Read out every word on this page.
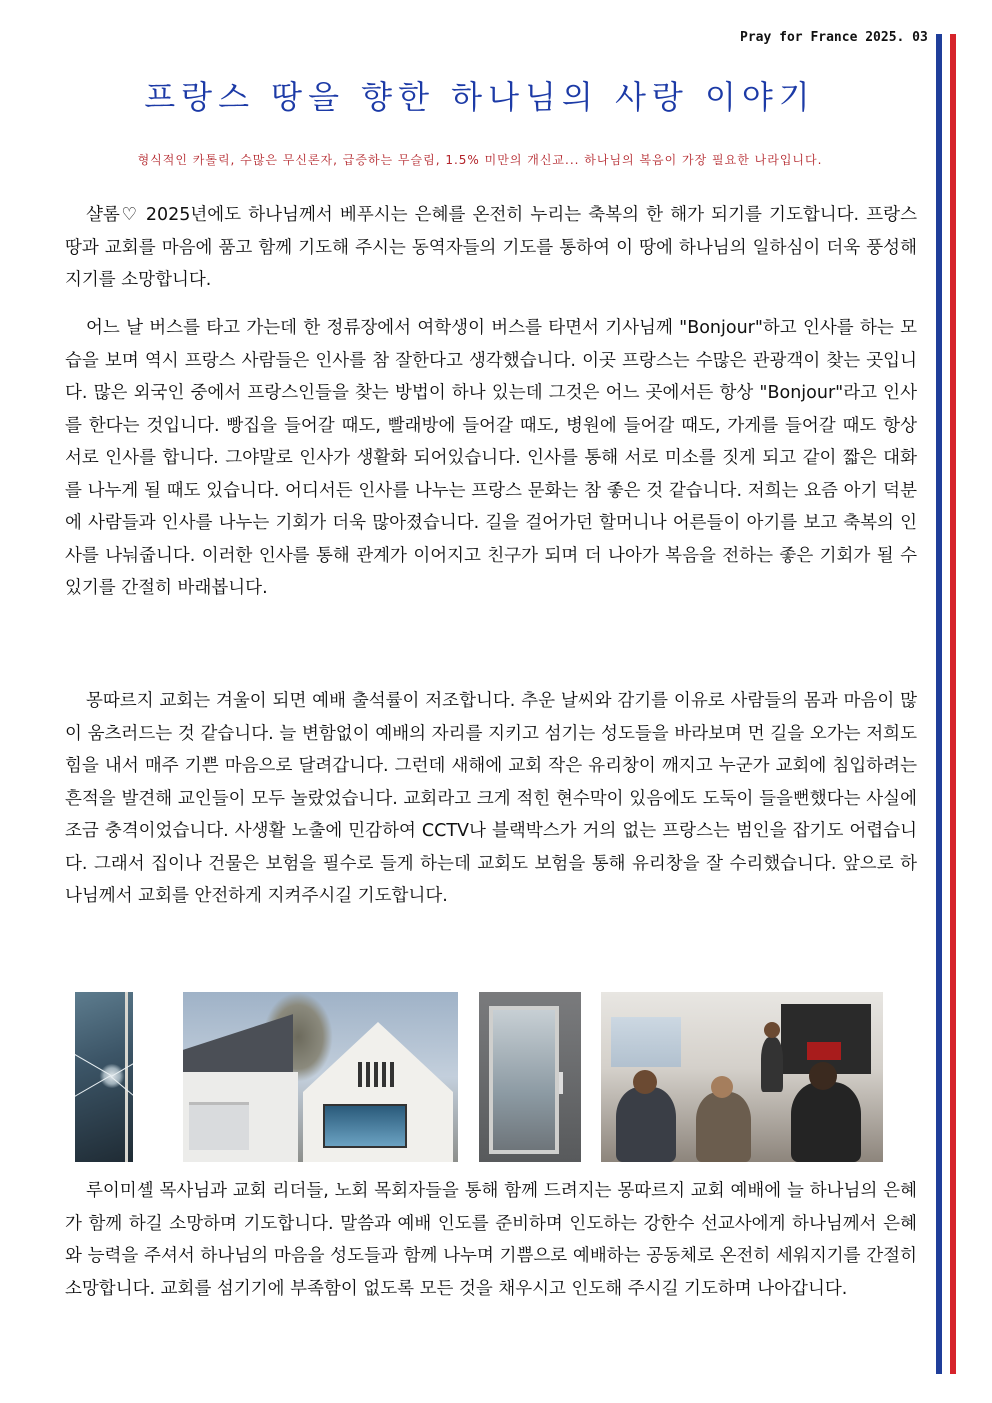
Pray for France 2025. 03
프랑스 땅을 향한 하나님의 사랑 이야기
형식적인 카톨릭, 수많은 무신론자, 급증하는 무슬림, 1.5% 미만의 개신교... 하나님의 복음이 가장 필요한 나라입니다.

샬롬♡ 2025년에도 하나님께서 베푸시는 은혜를 온전히 누리는 축복의 한 해가 되기를 기도합니다. 프랑스 땅과 교회를 마음에 품고 함께 기도해 주시는 동역자들의 기도를 통하여 이 땅에 하나님의 일하심이 더욱 풍성해지기를 소망합니다.

어느 날 버스를 타고 가는데 한 정류장에서 여학생이 버스를 타면서 기사님께 "Bonjour"하고 인사를 하는 모습을 보며 역시 프랑스 사람들은 인사를 참 잘한다고 생각했습니다. 이곳 프랑스는 수많은 관광객이 찾는 곳입니다. 많은 외국인 중에서 프랑스인들을 찾는 방법이 하나 있는데 그것은 어느 곳에서든 항상 "Bonjour"라고 인사를 한다는 것입니다. 빵집을 들어갈 때도, 빨래방에 들어갈 때도, 병원에 들어갈 때도, 가게를 들어갈 때도 항상 서로 인사를 합니다. 그야말로 인사가 생활화 되어있습니다. 인사를 통해 서로 미소를 짓게 되고 같이 짧은 대화를 나누게 될 때도 있습니다. 어디서든 인사를 나누는 프랑스 문화는 참 좋은 것 같습니다. 저희는 요즘 아기 덕분에 사람들과 인사를 나누는 기회가 더욱 많아졌습니다. 길을 걸어가던 할머니나 어른들이 아기를 보고 축복의 인사를 나눠줍니다. 이러한 인사를 통해 관계가 이어지고 친구가 되며 더 나아가 복음을 전하는 좋은 기회가 될 수 있기를 간절히 바래봅니다.

몽따르지 교회는 겨울이 되면 예배 출석률이 저조합니다. 추운 날씨와 감기를 이유로 사람들의 몸과 마음이 많이 움츠러드는 것 같습니다. 늘 변함없이 예배의 자리를 지키고 섬기는 성도들을 바라보며 먼 길을 오가는 저희도 힘을 내서 매주 기쁜 마음으로 달려갑니다. 그런데 새해에 교회 작은 유리창이 깨지고 누군가 교회에 침입하려는 흔적을 발견해 교인들이 모두 놀랐었습니다. 교회라고 크게 적힌 현수막이 있음에도 도둑이 들을뻔했다는 사실에 조금 충격이었습니다. 사생활 노출에 민감하여 CCTV나 블랙박스가 거의 없는 프랑스는 범인을 잡기도 어렵습니다. 그래서 집이나 건물은 보험을 필수로 들게 하는데 교회도 보험을 통해 유리창을 잘 수리했습니다. 앞으로 하나님께서 교회를 안전하게 지켜주시길 기도합니다.

루이미셸 목사님과 교회 리더들, 노회 목회자들을 통해 함께 드려지는 몽따르지 교회 예배에 늘 하나님의 은혜가 함께 하길 소망하며 기도합니다. 말씀과 예배 인도를 준비하며 인도하는 강한수 선교사에게 하나님께서 은혜와 능력을 주셔서 하나님의 마음을 성도들과 함께 나누며 기쁨으로 예배하는 공동체로 온전히 세워지기를 간절히 소망합니다. 교회를 섬기기에 부족함이 없도록 모든 것을 채우시고 인도해 주시길 기도하며 나아갑니다.
